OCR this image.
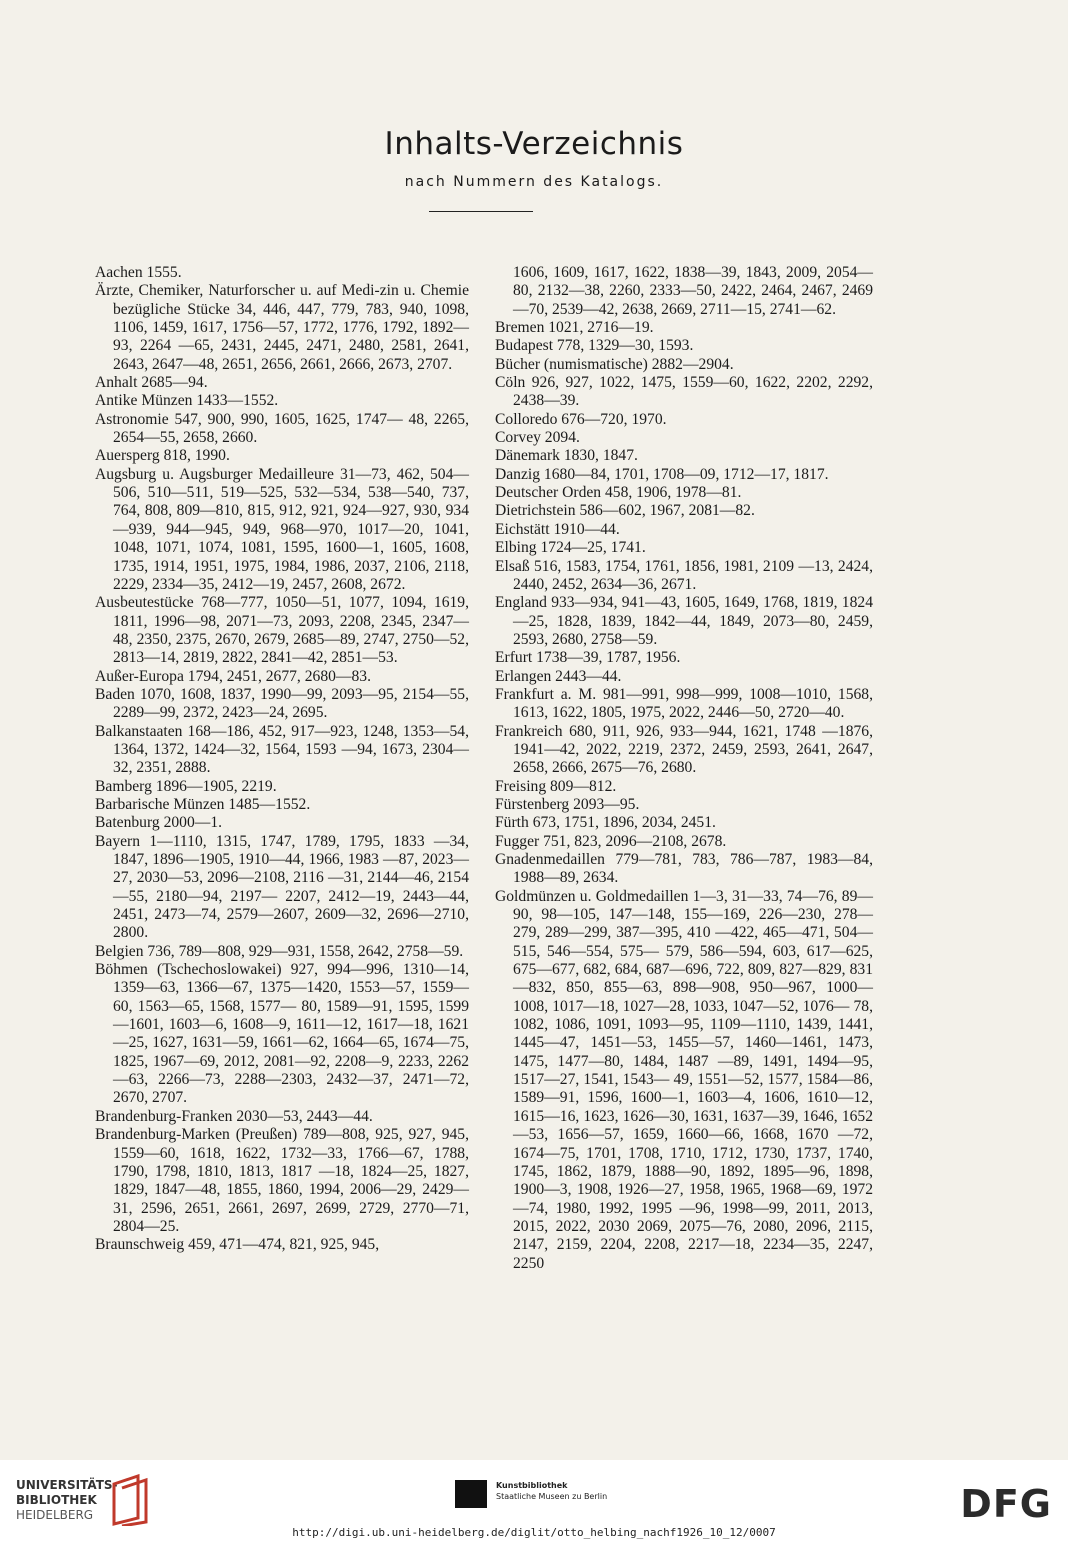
Inhalts-Verzeichnis
nach Nummern des Katalogs.

Aachen 1555.

Ärzte, Chemiker, Naturforscher u. auf Medi-zin u. Chemie bezügliche Stücke 34, 446, 447, 779, 783, 940, 1098, 1106, 1459, 1617, 1756—57, 1772, 1776, 1792, 1892—93, 2264 —65, 2431, 2445, 2471, 2480, 2581, 2641, 2643, 2647—48, 2651, 2656, 2661, 2666, 2673, 2707.

Anhalt 2685—94.

Antike Münzen 1433—1552.

Astronomie 547, 900, 990, 1605, 1625, 1747— 48, 2265, 2654—55, 2658, 2660.

Auersperg 818, 1990.

Augsburg u. Augsburger Medailleure 31—73, 462, 504—506, 510—511, 519—525, 532—534, 538—540, 737, 764, 808, 809—810, 815, 912, 921, 924—927, 930, 934—939, 944—945, 949, 968—970, 1017—20, 1041, 1048, 1071, 1074, 1081, 1595, 1600—1, 1605, 1608, 1735, 1914, 1951, 1975, 1984, 1986, 2037, 2106, 2118, 2229, 2334—35, 2412—19, 2457, 2608, 2672.

Ausbeutestücke 768—777, 1050—51, 1077, 1094, 1619, 1811, 1996—98, 2071—73, 2093, 2208, 2345, 2347—48, 2350, 2375, 2670, 2679, 2685—89, 2747, 2750—52, 2813—14, 2819, 2822, 2841—42, 2851—53.

Außer-Europa 1794, 2451, 2677, 2680—83.

Baden 1070, 1608, 1837, 1990—99, 2093—95, 2154—55, 2289—99, 2372, 2423—24, 2695.

Balkanstaaten 168—186, 452, 917—923, 1248, 1353—54, 1364, 1372, 1424—32, 1564, 1593 —94, 1673, 2304—32, 2351, 2888.

Bamberg 1896—1905, 2219.

Barbarische Münzen 1485—1552.

Batenburg 2000—1.

Bayern 1—1110, 1315, 1747, 1789, 1795, 1833 —34, 1847, 1896—1905, 1910—44, 1966, 1983 —87, 2023—27, 2030—53, 2096—2108, 2116 —31, 2144—46, 2154—55, 2180—94, 2197— 2207, 2412—19, 2443—44, 2451, 2473—74, 2579—2607, 2609—32, 2696—2710, 2800.

Belgien 736, 789—808, 929—931, 1558, 2642, 2758—59.

Böhmen (Tschechoslowakei) 927, 994—996, 1310—14, 1359—63, 1366—67, 1375—1420, 1553—57, 1559—60, 1563—65, 1568, 1577— 80, 1589—91, 1595, 1599—1601, 1603—6, 1608—9, 1611—12, 1617—18, 1621—25, 1627, 1631—59, 1661—62, 1664—65, 1674—75, 1825, 1967—69, 2012, 2081—92, 2208—9, 2233, 2262—63, 2266—73, 2288—2303, 2432—37, 2471—72, 2670, 2707.

Brandenburg-Franken 2030—53, 2443—44.

Brandenburg-Marken (Preußen) 789—808, 925, 927, 945, 1559—60, 1618, 1622, 1732—33, 1766—67, 1788, 1790, 1798, 1810, 1813, 1817 —18, 1824—25, 1827, 1829, 1847—48, 1855, 1860, 1994, 2006—29, 2429—31, 2596, 2651, 2661, 2697, 2699, 2729, 2770—71, 2804—25.

Braunschweig 459, 471—474, 821, 925, 945,

1606, 1609, 1617, 1622, 1838—39, 1843, 2009, 2054—80, 2132—38, 2260, 2333—50, 2422, 2464, 2467, 2469—70, 2539—42, 2638, 2669, 2711—15, 2741—62.

Bremen 1021, 2716—19.

Budapest 778, 1329—30, 1593.

Bücher (numismatische) 2882—2904.

Cöln 926, 927, 1022, 1475, 1559—60, 1622, 2202, 2292, 2438—39.

Colloredo 676—720, 1970.

Corvey 2094.

Dänemark 1830, 1847.

Danzig 1680—84, 1701, 1708—09, 1712—17, 1817.

Deutscher Orden 458, 1906, 1978—81.

Dietrichstein 586—602, 1967, 2081—82.

Eichstätt 1910—44.

Elbing 1724—25, 1741.

Elsaß 516, 1583, 1754, 1761, 1856, 1981, 2109 —13, 2424, 2440, 2452, 2634—36, 2671.

England 933—934, 941—43, 1605, 1649, 1768, 1819, 1824—25, 1828, 1839, 1842—44, 1849, 2073—80, 2459, 2593, 2680, 2758—59.

Erfurt 1738—39, 1787, 1956.

Erlangen 2443—44.

Frankfurt a. M. 981—991, 998—999, 1008—1010, 1568, 1613, 1622, 1805, 1975, 2022, 2446—50, 2720—40.

Frankreich 680, 911, 926, 933—944, 1621, 1748 —1876, 1941—42, 2022, 2219, 2372, 2459, 2593, 2641, 2647, 2658, 2666, 2675—76, 2680.

Freising 809—812.

Fürstenberg 2093—95.

Fürth 673, 1751, 1896, 2034, 2451.

Fugger 751, 823, 2096—2108, 2678.

Gnadenmedaillen 779—781, 783, 786—787, 1983—84, 1988—89, 2634.

Goldmünzen u. Goldmedaillen 1—3, 31—33, 74—76, 89—90, 98—105, 147—148, 155—169, 226—230, 278—279, 289—299, 387—395, 410 —422, 465—471, 504—515, 546—554, 575— 579, 586—594, 603, 617—625, 675—677, 682, 684, 687—696, 722, 809, 827—829, 831—832, 850, 855—63, 898—908, 950—967, 1000—1008, 1017—18, 1027—28, 1033, 1047—52, 1076— 78, 1082, 1086, 1091, 1093—95, 1109—1110, 1439, 1441, 1445—47, 1451—53, 1455—57, 1460—1461, 1473, 1475, 1477—80, 1484, 1487 —89, 1491, 1494—95, 1517—27, 1541, 1543— 49, 1551—52, 1577, 1584—86, 1589—91, 1596, 1600—1, 1603—4, 1606, 1610—12, 1615—16, 1623, 1626—30, 1631, 1637—39, 1646, 1652 —53, 1656—57, 1659, 1660—66, 1668, 1670 —72, 1674—75, 1701, 1708, 1710, 1712, 1730, 1737, 1740, 1745, 1862, 1879, 1888—90, 1892, 1895—96, 1898, 1900—3, 1908, 1926—27, 1958, 1965, 1968—69, 1972—74, 1980, 1992, 1995 —96, 1998—99, 2011, 2013, 2015, 2022, 2030 2069, 2075—76, 2080, 2096, 2115, 2147, 2159, 2204, 2208, 2217—18, 2234—35, 2247, 2250

UNIVERSITÄTS-
BIBLIOTHEK
HEIDELBERG
Kunstbibliothek
Staatliche Museen zu Berlin	DFG
http://digi.ub.uni-heidelberg.de/diglit/otto_helbing_nachf1926_10_12/0007
